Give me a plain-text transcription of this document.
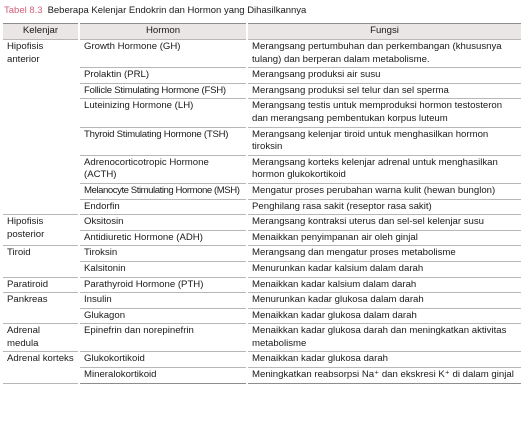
Tabel 8.3 Beberapa Kelenjar Endokrin dan Hormon yang Dihasilkannya
Kelenjar	Hormon	Fungsi
Hipofisis anterior	Growth Hormone (GH)	Merangsang pertumbuhan dan perkembangan (khususnya tulang) dan berperan dalam metabolisme.
	Prolaktin (PRL)	Merangsang produksi air susu
	Follicle Stimulating Hormone (FSH)	Merangsang produksi sel telur dan sel sperma
	Luteinizing Hormone (LH)	Merangsang testis untuk memproduksi hormon testosteron dan merangsang pembentukan korpus luteum
	Thyroid Stimulating Hormone (TSH)	Merangsang kelenjar tiroid untuk menghasilkan hormon tiroksin
	Adrenocorticotropic Hormone (ACTH)	Merangsang korteks kelenjar adrenal untuk menghasilkan hormon glukokortikoid
	Melanocyte Stimulating Hormone (MSH)	Mengatur proses perubahan warna kulit (hewan bunglon)
	Endorfin	Penghilang rasa sakit (reseptor rasa sakit)
Hipofisis posterior	Oksitosin	Merangsang kontraksi uterus dan sel-sel kelenjar susu
	Antidiuretic Hormone (ADH)	Menaikkan penyimpanan air oleh ginjal
Tiroid	Tiroksin	Merangsang dan mengatur proses metabolisme
	Kalsitonin	Menurunkan kadar kalsium dalam darah
Paratiroid	Parathyroid Hormone (PTH)	Menaikkan kadar kalsium dalam darah
Pankreas	Insulin	Menurunkan kadar glukosa dalam darah
	Glukagon	Menaikkan kadar glukosa dalam darah
Adrenal medula	Epinefrin dan norepinefrin	Menaikkan kadar glukosa darah dan meningkatkan aktivitas metabolisme
Adrenal korteks	Glukokortikoid	Menaikkan kadar glukosa darah
	Mineralokortikoid	Meningkatkan reabsorpsi Na⁺ dan ekskresi K⁺ di dalam ginjal
